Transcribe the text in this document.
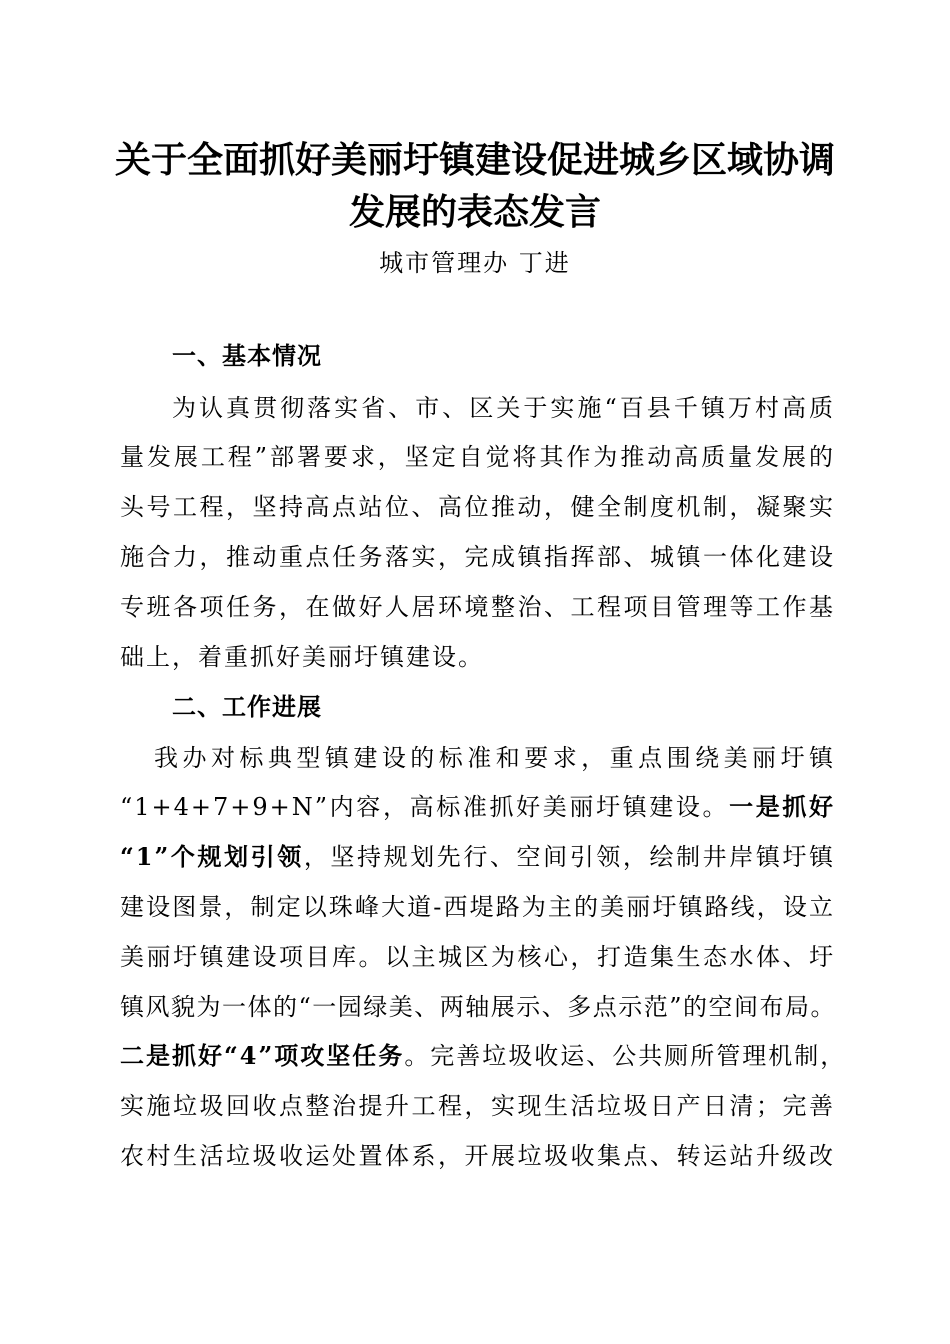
关于全面抓好美丽圩镇建设促进城乡区域协调
发展的表态发言
城市管理办 丁进
一、基本情况
为认真贯彻落实省、市、区关于实施“百县千镇万村高质
量发展工程”部署要求，坚定自觉将其作为推动高质量发展的
头号工程，坚持高点站位、高位推动，健全制度机制，凝聚实
施合力，推动重点任务落实，完成镇指挥部、城镇一体化建设
专班各项任务，在做好人居环境整治、工程项目管理等工作基
础上，着重抓好美丽圩镇建设。
二、工作进展
我办对标典型镇建设的标准和要求，重点围绕美丽圩镇
“1+4+7+9+N”内容，高标准抓好美丽圩镇建设。一是抓好
“1”个规划引领，坚持规划先行、空间引领，绘制井岸镇圩镇
建设图景，制定以珠峰大道-西堤路为主的美丽圩镇路线，设立
美丽圩镇建设项目库。以主城区为核心，打造集生态水体、圩
镇风貌为一体的“一园绿美、两轴展示、多点示范”的空间布局。
二是抓好“4”项攻坚任务。完善垃圾收运、公共厕所管理机制，
实施垃圾回收点整治提升工程，实现生活垃圾日产日清；完善
农村生活垃圾收运处置体系，开展垃圾收集点、转运站升级改
